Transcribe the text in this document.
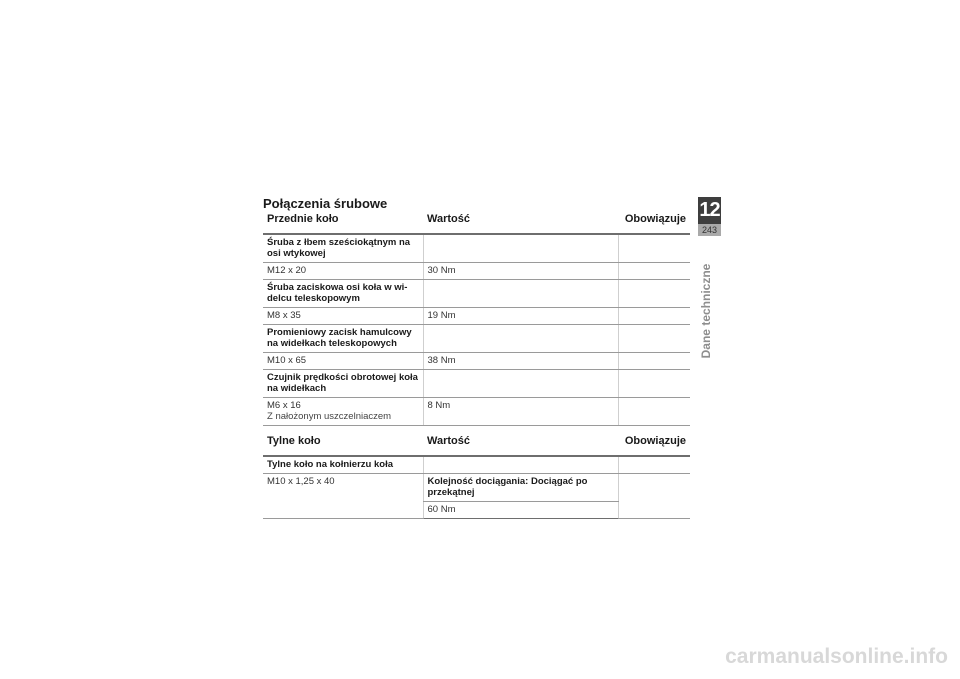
Połączenia śrubowe
Przednie koło	Wartość	Obowiązuje
Śruba z łbem sześciokątnym na osi wtykowej		
M12 x 20	30 Nm	
Śruba zaciskowa osi koła w wi-delcu teleskopowym		
M8 x 35	19 Nm	
Promieniowy zacisk hamulcowy na widełkach teleskopowych		
M10 x 65	38 Nm	
Czujnik prędkości obrotowej koła na widełkach		
M6 x 16
Z nałożonym uszczelniaczem	8 Nm	
Tylne koło	Wartość	Obowiązuje
Tylne koło na kołnierzu koła		
M10 x 1,25 x 40	Kolejność dociągania: Dociągać po przekątnej	
	60 Nm	
12
243
Dane techniczne
carmanualsonline.info
